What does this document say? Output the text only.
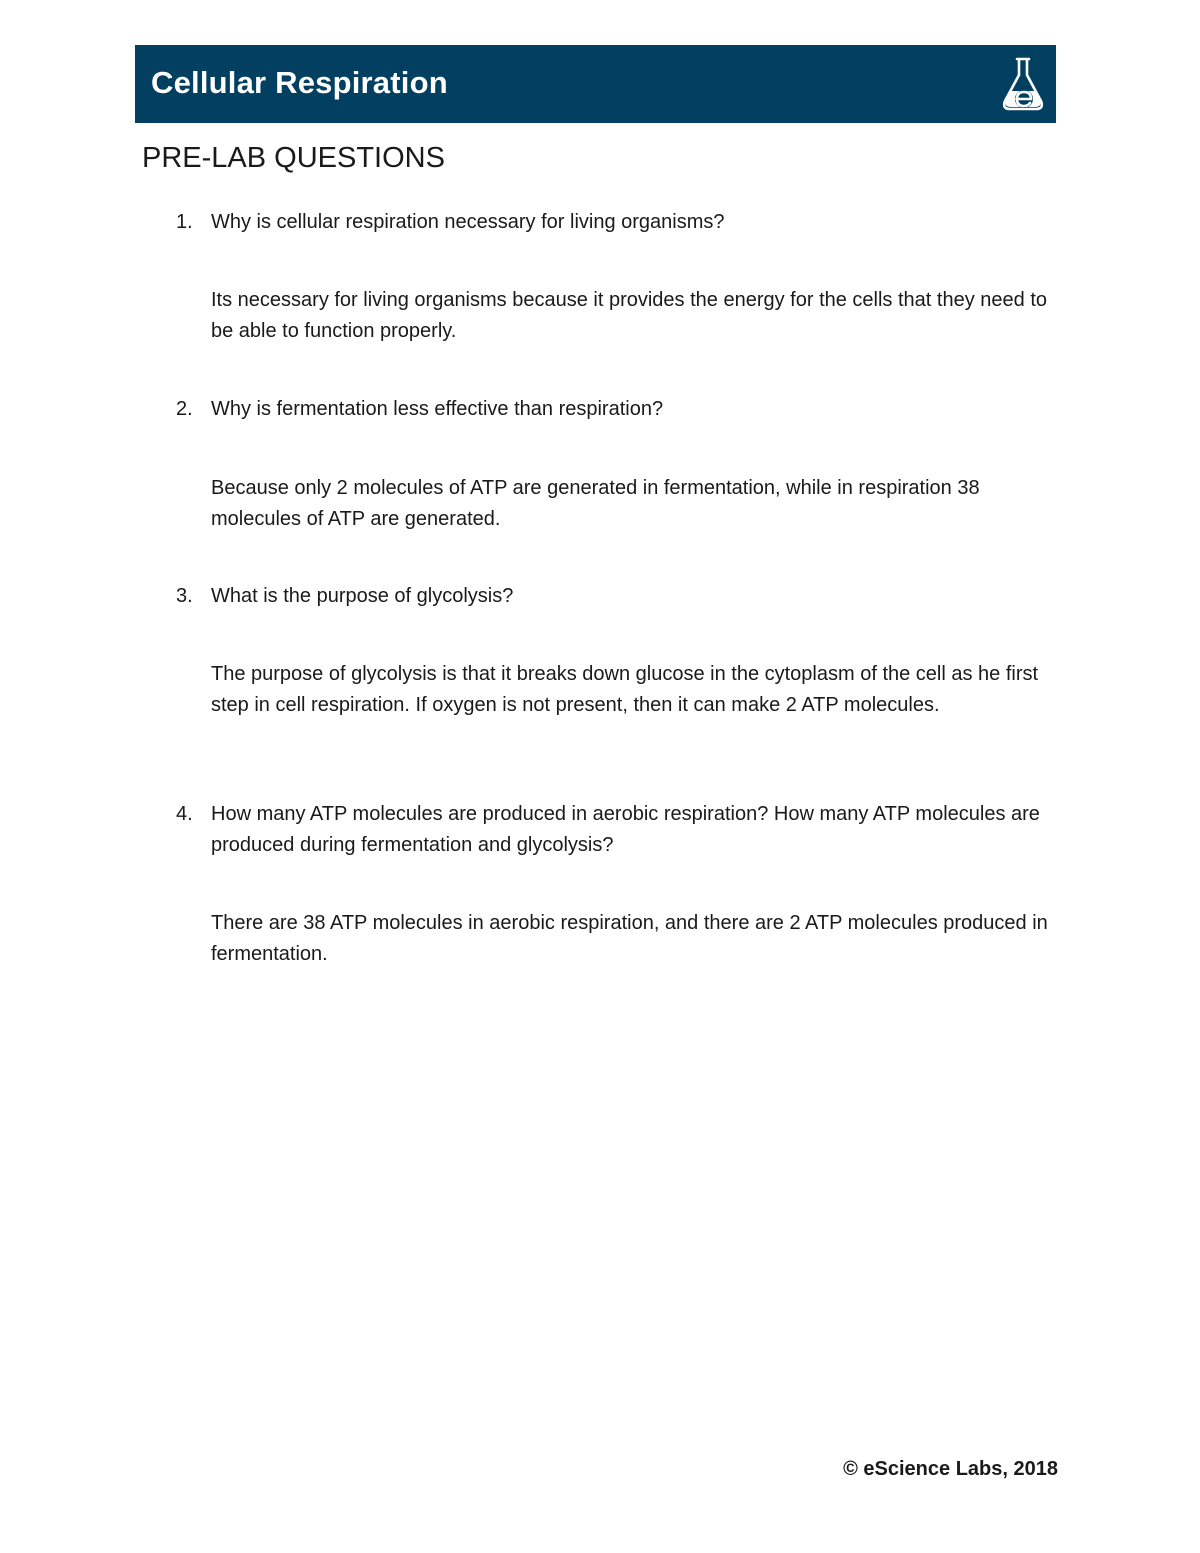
Cellular Respiration
PRE-LAB QUESTIONS
1. Why is cellular respiration necessary for living organisms?
Its necessary for living organisms because it provides the energy for the cells that they need to be able to function properly.
2. Why is fermentation less effective than respiration?
Because only 2 molecules of ATP are generated in fermentation, while in respiration 38 molecules of ATP are generated.
3. What is the purpose of glycolysis?
The purpose of glycolysis is that it breaks down glucose in the cytoplasm of the cell as he first step in cell respiration. If oxygen is not present, then it can make 2 ATP molecules.
4. How many ATP molecules are produced in aerobic respiration? How many ATP molecules are produced during fermentation and glycolysis?
There are 38 ATP molecules in aerobic respiration, and there are 2 ATP molecules produced in fermentation.
© eScience Labs, 2018
